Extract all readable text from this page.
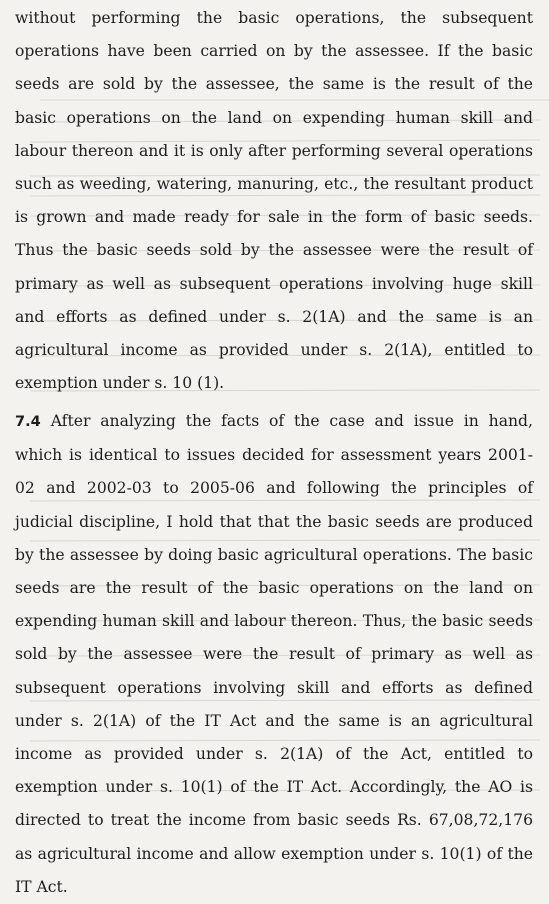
without performing the basic operations, the subsequent operations have been carried on by the assessee. If the basic seeds are sold by the assessee, the same is the result of the basic operations on the land on expending human skill and labour thereon and it is only after performing several operations such as weeding, watering, manuring, etc., the resultant product is grown and made ready for sale in the form of basic seeds. Thus the basic seeds sold by the assessee were the result of primary as well as subsequent operations involving huge skill and efforts as defined under s. 2(1A) and the same is an agricultural income as provided under s. 2(1A), entitled to exemption under s. 10 (1).

7.4 After analyzing the facts of the case and issue in hand, which is identical to issues decided for assessment years 2001-02 and 2002-03 to 2005-06 and following the principles of judicial discipline, I hold that that the basic seeds are produced by the assessee by doing basic agricultural operations. The basic seeds are the result of the basic operations on the land on expending human skill and labour thereon. Thus, the basic seeds sold by the assessee were the result of primary as well as subsequent operations involving skill and efforts as defined under s. 2(1A) of the IT Act and the same is an agricultural income as provided under s. 2(1A) of the Act, entitled to exemption under s. 10(1) of the IT Act. Accordingly, the AO is directed to treat the income from basic seeds Rs. 67,08,72,176 as agricultural income and allow exemption under s. 10(1) of the IT Act.
